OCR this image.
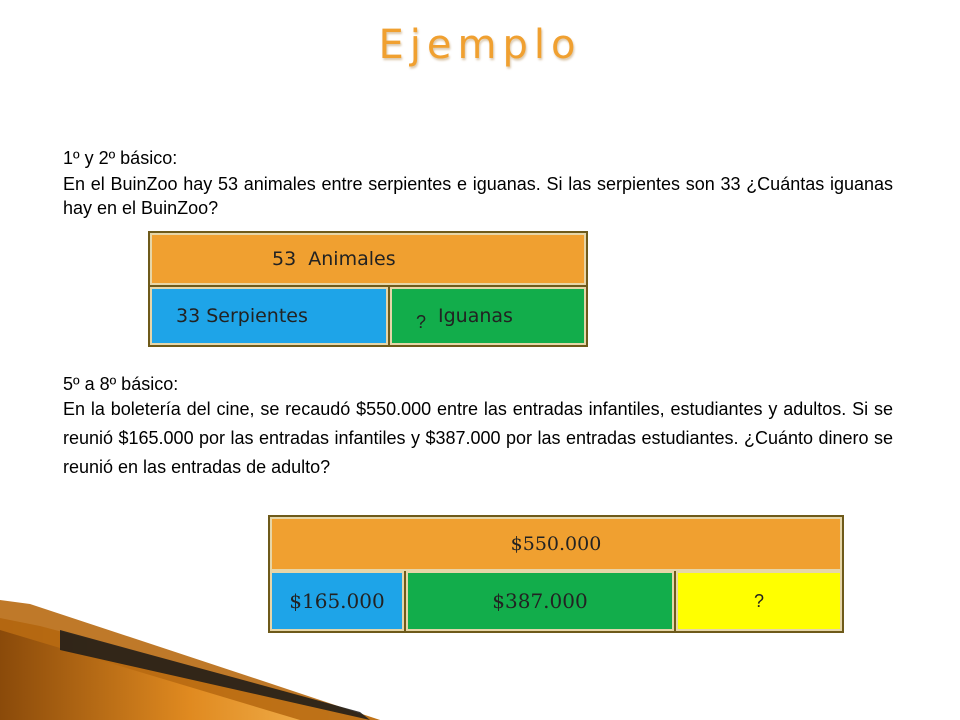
Ejemplo
1º y 2º básico:
En el BuinZoo hay 53 animales entre serpientes e iguanas. Si las serpientes son 33 ¿Cuántas iguanas hay en el BuinZoo?
53  Animales
33 Serpientes	? Iguanas
5º a 8º básico:
En la boletería del cine, se recaudó $550.000 entre las entradas infantiles, estudiantes y adultos. Si se reunió $165.000 por las entradas infantiles y $387.000 por las entradas estudiantes. ¿Cuánto dinero se reunió en las entradas de adulto?
$550.000
$165.000	$387.000	?
